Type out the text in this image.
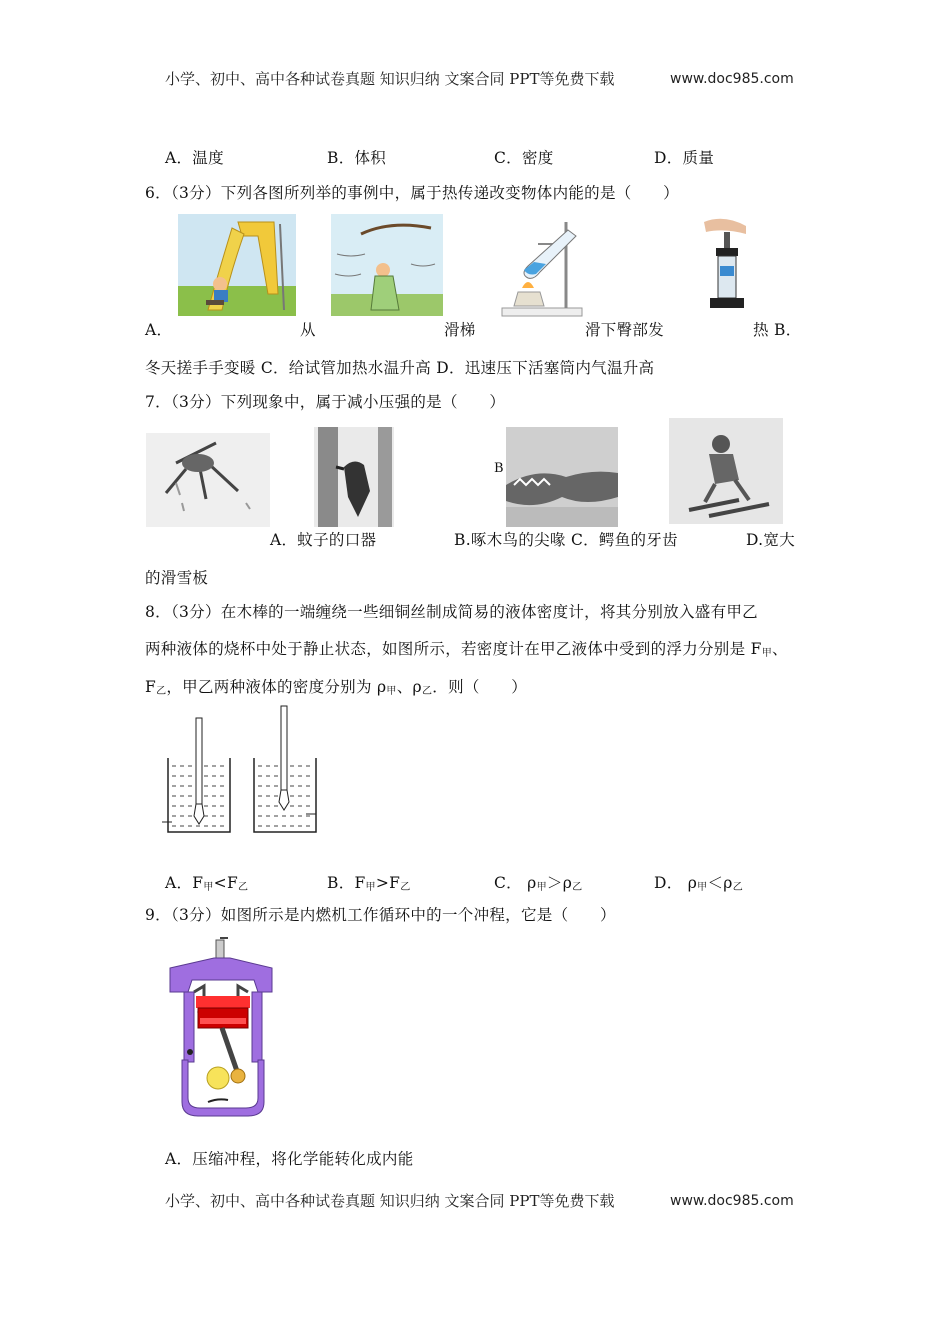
小学、初中、高中各种试卷真题 知识归纳 文案合同 PPT等免费下载	www.doc985.com
A．温度	B．体积	C．密度	D．质量
6．（3分）下列各图所列举的事例中，属于热传递改变物体内能的是（　　）
A．	从	滑梯	滑下臀部发	热 B．
冬天搓手手变暖 C．给试管加热水温升高 D．迅速压下活塞筒内气温升高
7．（3分）下列现象中，属于减小压强的是（　　）
B
A．蚊子的口器	B.啄木鸟的尖喙 C．鳄鱼的牙齿	D.宽大
的滑雪板
8．（3分）在木棒的一端缠绕一些细铜丝制成简易的液体密度计，将其分别放入盛有甲乙
两种液体的烧杯中处于静止状态，如图所示，若密度计在甲乙液体中受到的浮力分别是 $F_甲$、
$F_乙$，甲乙两种液体的密度分别为 $\rho_甲$、$\rho_乙$．则（　　）
A．$F_甲<F_乙$	B．$F_甲>F_乙$	C． $\rho_甲>\rho_乙$	D． $\rho_甲<\rho_乙$
9．（3分）如图所示是内燃机工作循环中的一个冲程，它是（　　）
A．压缩冲程，将化学能转化成内能
小学、初中、高中各种试卷真题 知识归纳 文案合同 PPT等免费下载	www.doc985.com
